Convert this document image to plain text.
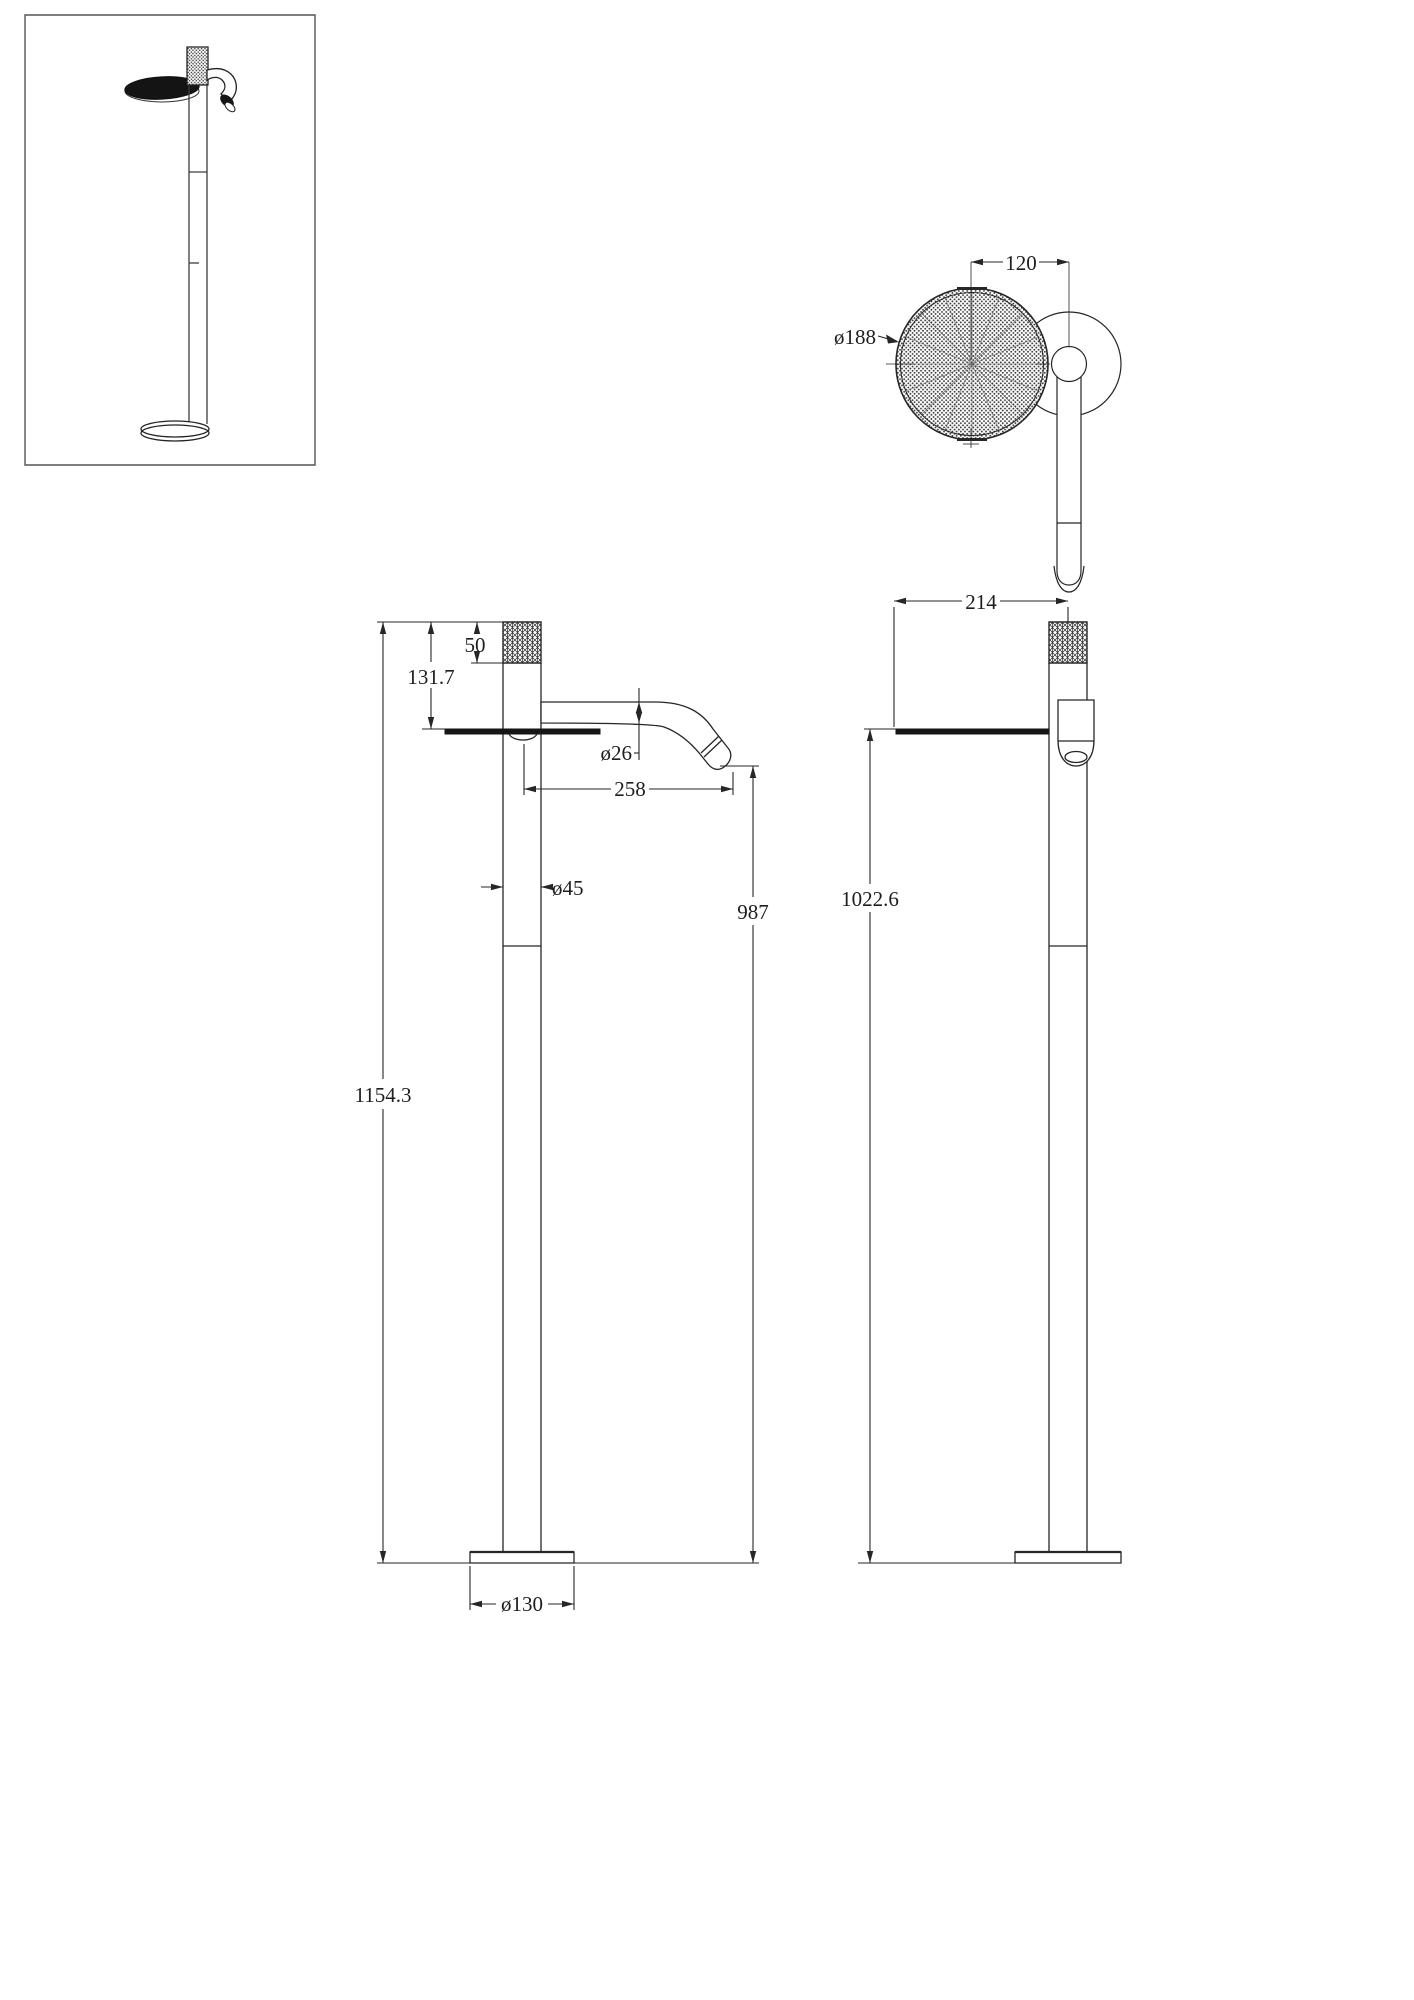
120
ø188
50
131.7
ø26
258
ø45
1154.3
987
ø130
214
1022.6
